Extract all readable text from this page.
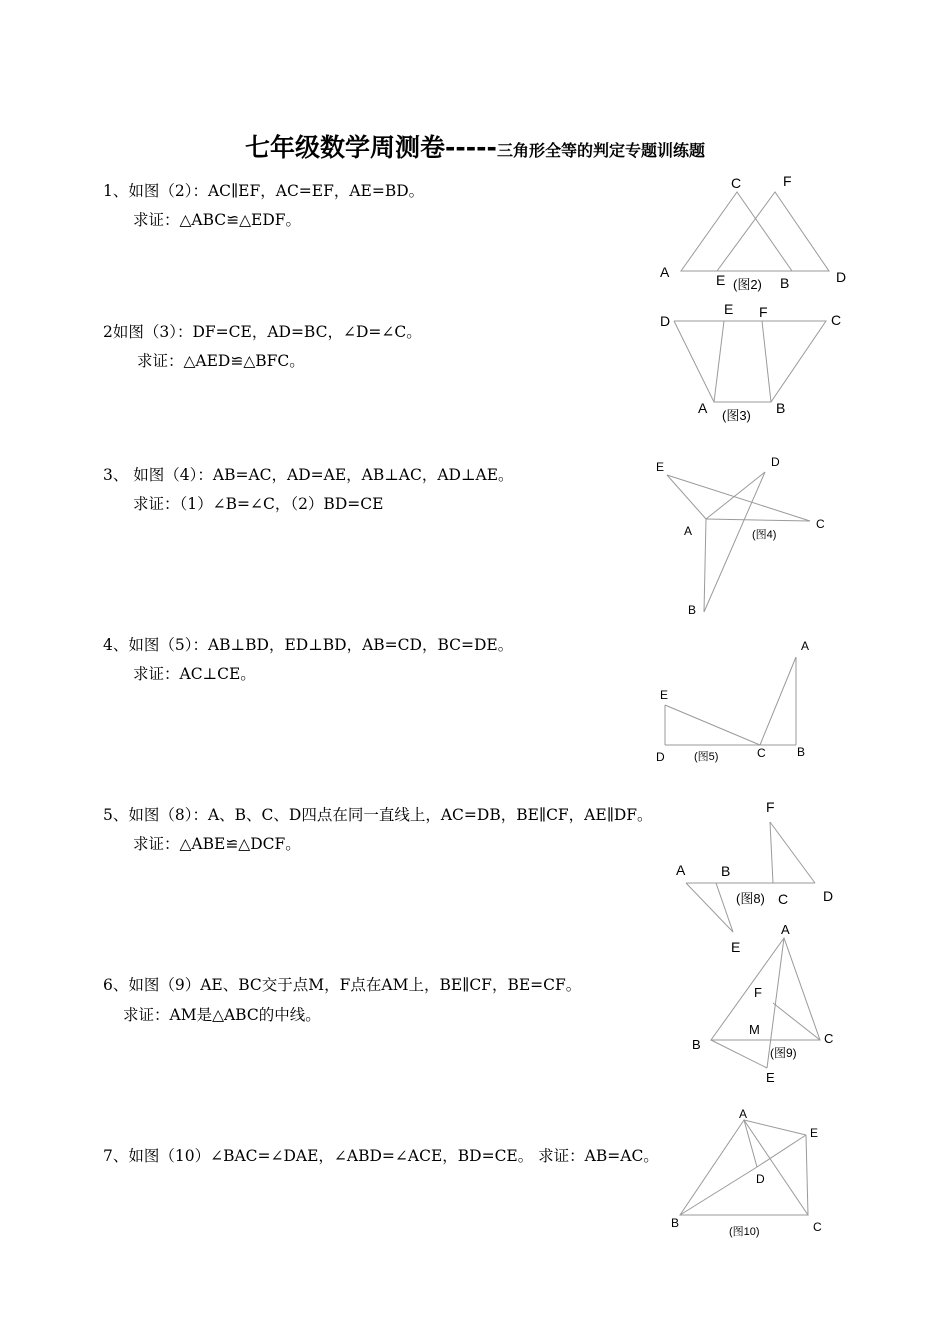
七年级数学周测卷-----三角形全等的判定专题训练题
1、如图（2）：AC∥EF，AC=EF，AE=BD。
求证：△ABC≌△EDF。
C	F
A	E (图2) B	D
2如图（3）：DF=CE，AD=BC，∠D=∠C。
求证：△AED≌△BFC。
E F
D	C
A (图3) B
3、 如图（4）：AB=AC，AD=AE，AB⊥AC，AD⊥AE。
求证：（1）∠B=∠C，（2）BD=CE
E	D
C
A	(图4)
B
4、如图（5）：AB⊥BD，ED⊥BD，AB=CD，BC=DE。
求证：AC⊥CE。
A
E
D	(图5)	C	B
5、如图（8）：A、B、C、D四点在同一直线上，AC=DB，BE∥CF，AE∥DF。
求证：△ABE≌△DCF。
F
A	B
(图8) C D
E
6、如图（9）AE、BC交于点M，F点在AM上，BE∥CF，BE=CF。
求证：AM是△ABC的中线。
A
F
M
B	C
(图9)
E
7、如图（10）∠BAC=∠DAE，∠ABD=∠ACE，BD=CE。 求证：AB=AC。
A
E
D
B	C
(图10)
